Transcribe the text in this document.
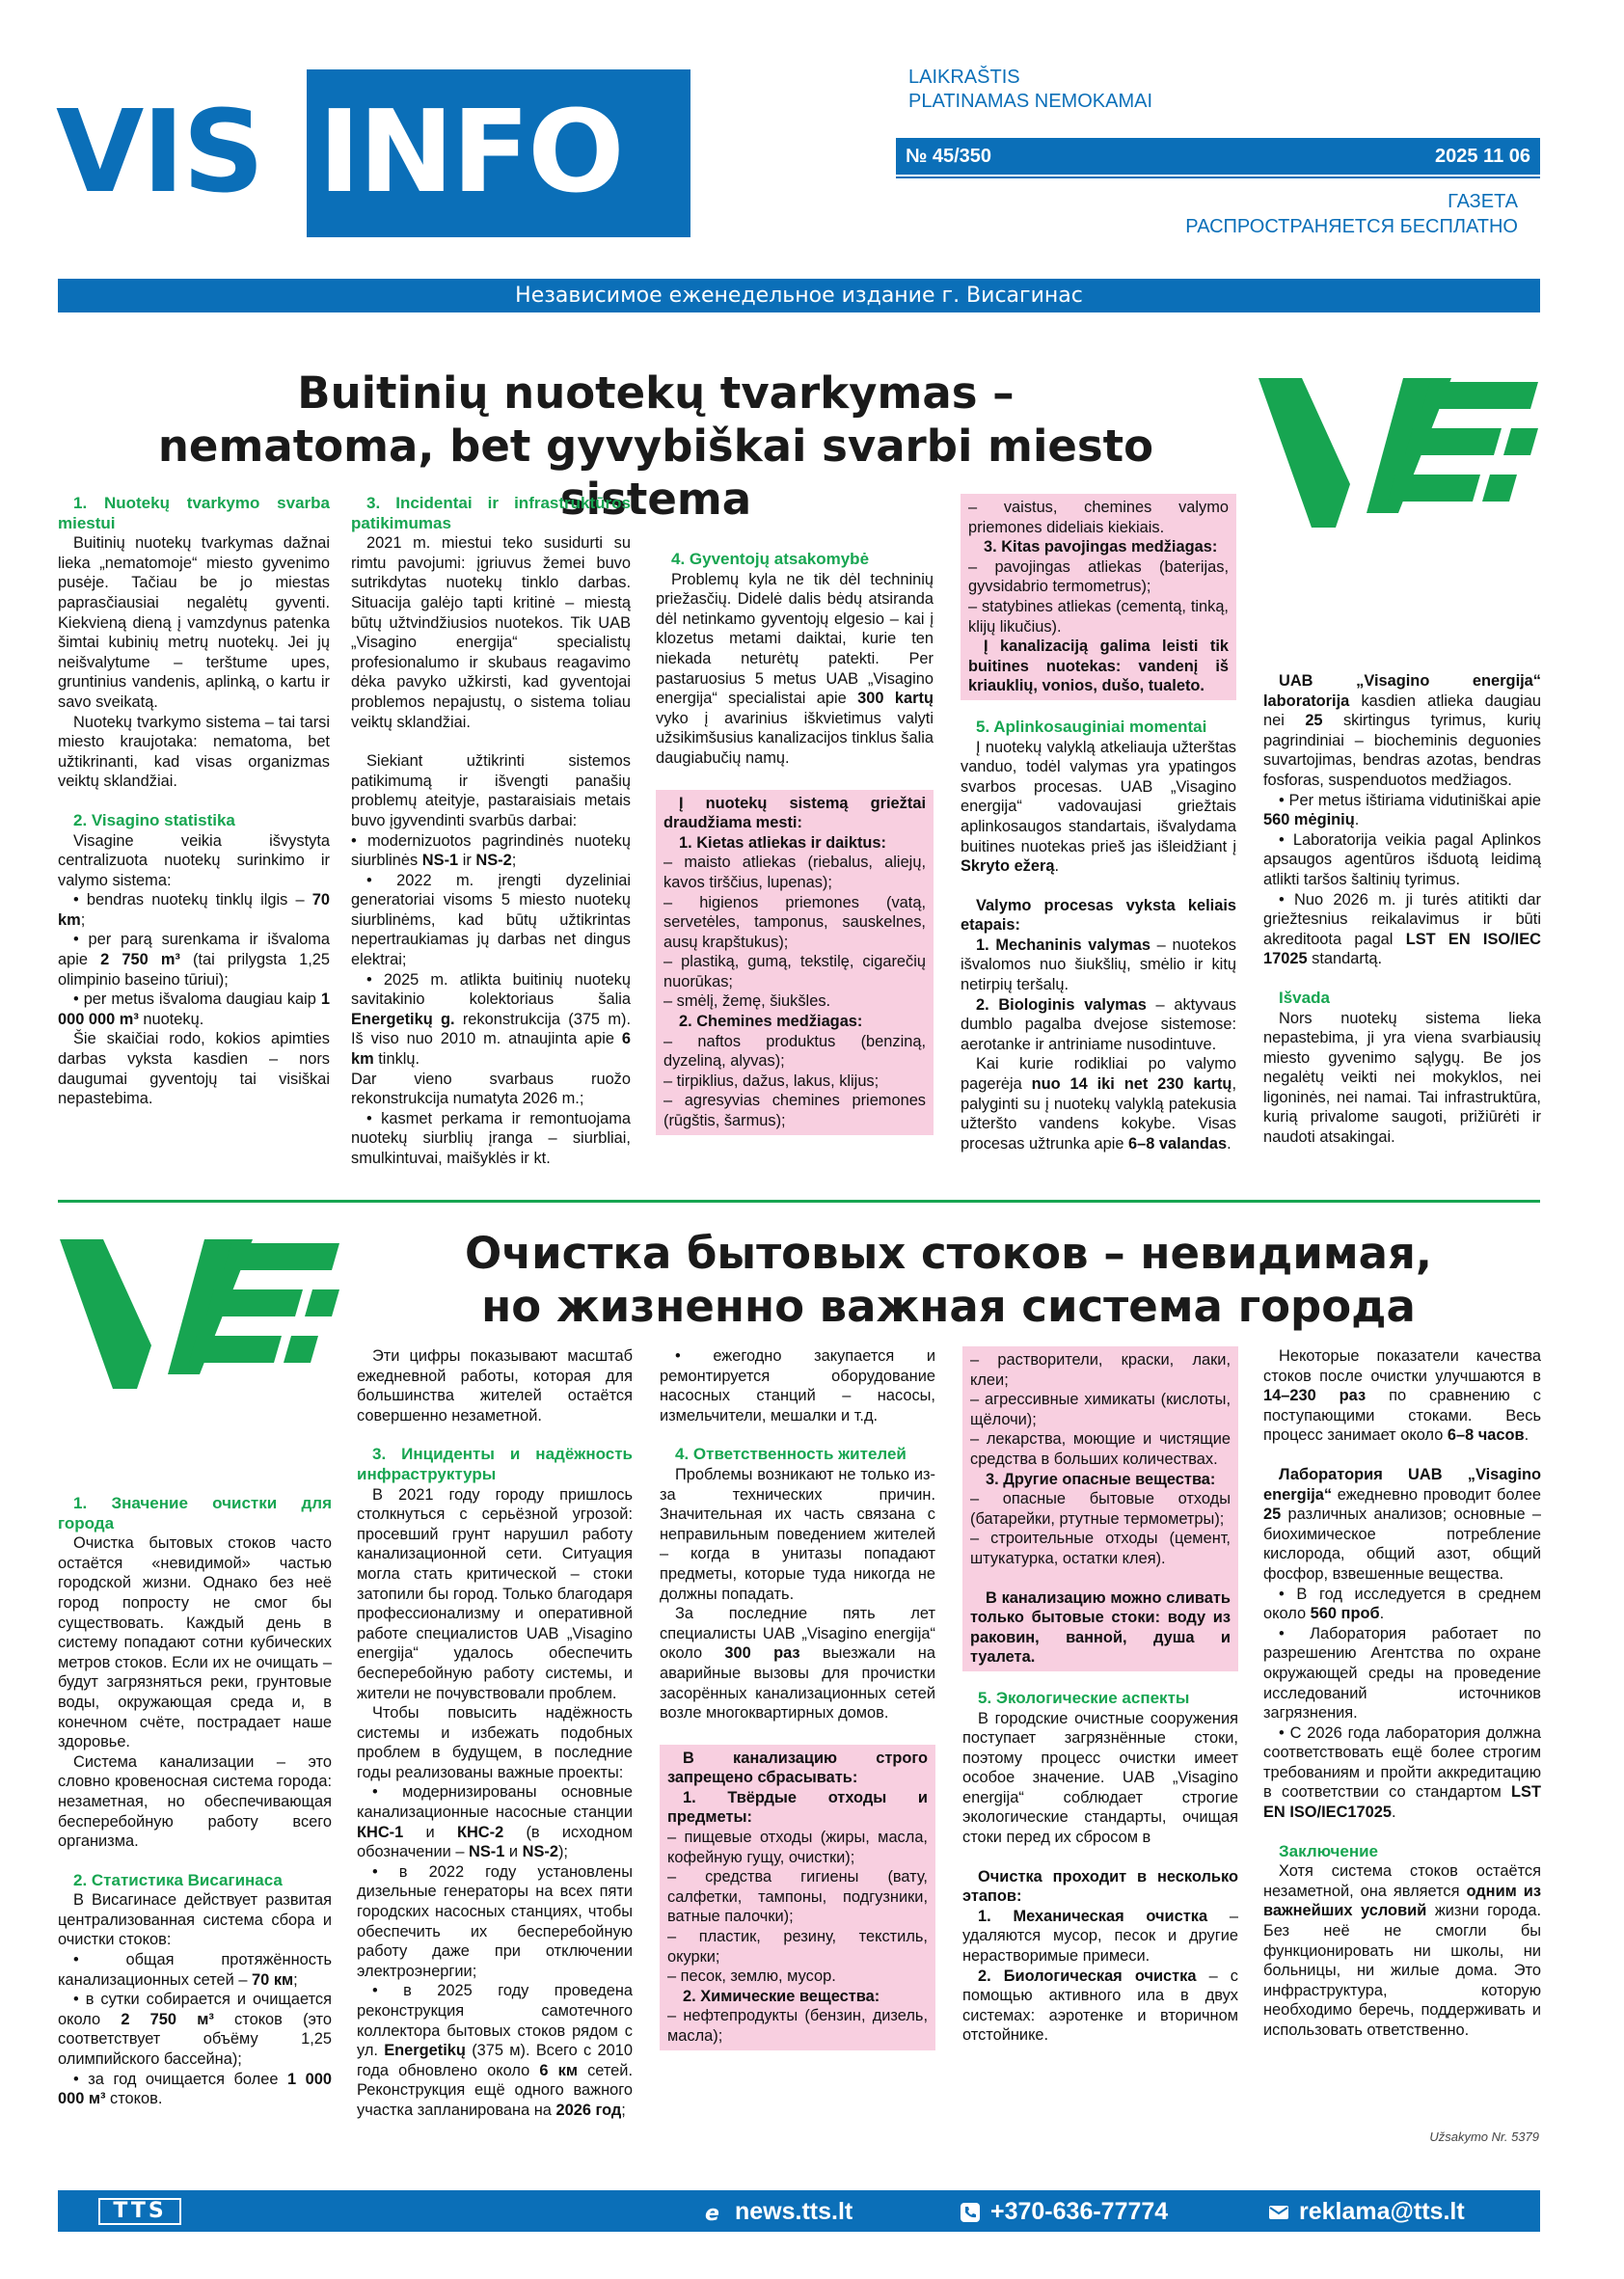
VIS INFO
LAIKRAŠTIS
PLATINAMAS NEMOKAMAI
№ 45/350	2025 11 06
ГАЗЕТА
РАСПРОСТРАНЯЕТСЯ БЕСПЛАТНО
Независимое еженедельное издание г. Висагинас
Buitinių nuotekų tvarkymas –
nematoma, bet gyvybiškai svarbi miesto sistema
1. Nuotekų tvarkymo svarba miestui

Buitinių nuotekų tvarkymas dažnai lieka „nematomoje“ miesto gyvenimo pusėje. Tačiau be jo miestas paprasčiausiai negalėtų gyventi. Kiekvieną dieną į vamzdynus patenka šimtai kubinių metrų nuotekų. Jei jų neišvalytume – terštume upes, gruntinius vandenis, aplinką, o kartu ir savo sveikatą.

Nuotekų tvarkymo sistema – tai tarsi miesto kraujotaka: nematoma, bet užtikrinanti, kad visas organizmas veiktų sklandžiai.

2. Visagino statistika

Visagine veikia išvystyta centralizuota nuotekų surinkimo ir valymo sistema:

• bendras nuotekų tinklų ilgis – 70 km;

• per parą surenkama ir išvaloma apie 2 750 m³ (tai prilygsta 1,25 olimpinio baseino tūriui);

• per metus išvaloma daugiau kaip 1 000 000 m³ nuotekų.

Šie skaičiai rodo, kokios apimties darbas vyksta kasdien – nors daugumai gyventojų tai visiškai nepastebima.

3. Incidentai ir infrastruktūros patikimumas

2021 m. miestui teko susidurti su rimtu pavojumi: įgriuvus žemei buvo sutrikdytas nuotekų tinklo darbas. Situacija galėjo tapti kritinė – miestą būtų užtvindžiusios nuotekos. Tik UAB „Visagino energija“ specialistų profesionalumo ir skubaus reagavimo dėka pavyko užkirsti, kad gyventojai problemos nepajustų, o sistema toliau veiktų sklandžiai.

Siekiant užtikrinti sistemos patikimumą ir išvengti panašių problemų ateityje, pastaraisiais metais buvo įgyvendinti svarbūs darbai:

• modernizuotos pagrindinės nuotekų siurblinės NS-1 ir NS-2;

• 2022 m. įrengti dyzeliniai generatoriai visoms 5 miesto nuotekų siurblinėms, kad būtų užtikrintas nepertraukiamas jų darbas net dingus elektrai;

• 2025 m. atlikta buitinių nuotekų savitakinio kolektoriaus šalia Energetikų g. rekonstrukcija (375 m). Iš viso nuo 2010 m. atnaujinta apie 6 km tinklų.

Dar vieno svarbaus ruožo rekonstrukcija numatyta 2026 m.;

• kasmet perkama ir remontuojama nuotekų siurblių įranga – siurbliai, smulkintuvai, maišyklės ir kt.

4. Gyventojų atsakomybė

Problemų kyla ne tik dėl techninių priežasčių. Didelė dalis bėdų atsiranda dėl netinkamo gyventojų elgesio – kai į klozetus metami daiktai, kurie ten niekada neturėtų patekti. Per pastaruosius 5 metus UAB „Visagino energija“ specialistai apie 300 kartų vyko į avarinius iškvietimus valyti užsikimšusius kanalizacijos tinklus šalia daugiabučių namų.

Į nuotekų sistemą griežtai draudžiama mesti:

1. Kietas atliekas ir daiktus:

– maisto atliekas (riebalus, aliejų, kavos tirščius, lupenas);

– higienos priemones (vatą, servetėles, tamponus, sauskelnes, ausų krapštukus);

– plastiką, gumą, tekstilę, cigarečių nuorūkas;

– smėlį, žemę, šiukšles.

2. Chemines medžiagas:

– naftos produktus (benziną, dyzeliną, alyvas);

– tirpiklius, dažus, lakus, klijus;

– agresyvias chemines priemones (rūgštis, šarmus);

– vaistus, chemines valymo priemones dideliais kiekiais.

3. Kitas pavojingas medžiagas:

– pavojingas atliekas (baterijas, gyvsidabrio termometrus);

– statybines atliekas (cementą, tinką, klijų likučius).

Į kanalizaciją galima leisti tik buitines nuotekas: vandenį iš kriauklių, vonios, dušo, tualeto.

5. Aplinkosauginiai momentai

Į nuotekų valyklą atkeliauja užterštas vanduo, todėl valymas yra ypatingos svarbos procesas. UAB „Visagino energija“ vadovaujasi griežtais aplinkosaugos standartais, išvalydama buitines nuotekas prieš jas išleidžiant į Skryto ežerą.

Valymo procesas vyksta keliais etapais:

1. Mechaninis valymas – nuotekos išvalomos nuo šiukšlių, smėlio ir kitų netirpių teršalų.

2. Biologinis valymas – aktyvaus dumblo pagalba dvejose sistemose: aerotanke ir antriniame nusodintuve.

Kai kurie rodikliai po valymo pagerėja nuo 14 iki net 230 kartų, palyginti su į nuotekų valyklą patekusia užteršto vandens kokybe. Visas procesas užtrunka apie 6–8 valandas.

UAB „Visagino energija“ laboratorija kasdien atlieka daugiau nei 25 skirtingus tyrimus, kurių pagrindiniai – biocheminis deguonies suvartojimas, bendras azotas, bendras fosforas, suspenduotos medžiagos.

• Per metus ištiriama vidutiniškai apie 560 mėginių.

• Laboratorija veikia pagal Aplinkos apsaugos agentūros išduotą leidimą atlikti taršos šaltinių tyrimus.

• Nuo 2026 m. ji turės atitikti dar griežtesnius reikalavimus ir būti akreditoota pagal LST EN ISO/IEC 17025 standartą.

Išvada

Nors nuotekų sistema lieka nepastebima, ji yra viena svarbiausių miesto gyvenimo sąlygų. Be jos negalėtų veikti nei mokyklos, nei ligoninės, nei namai. Tai infrastruktūra, kurią privalome saugoti, prižiūrėti ir naudoti atsakingai.

Очистка бытовых стоков – невидимая,
но жизненно важная система города
1. Значение очистки для города

Очистка бытовых стоков часто остаётся «невидимой» частью городской жизни. Однако без неё город попросту не смог бы существовать. Каждый день в систему попадают сотни кубических метров стоков. Если их не очищать – будут загрязняться реки, грунтовые воды, окружающая среда и, в конечном счёте, пострадает наше здоровье.

Система канализации – это словно кровеносная система города: незаметная, но обеспечивающая бесперебойную работу всего организма.

2. Статистика Висагинаса

В Висагинасе действует развитая централизованная система сбора и очистки стоков:

• общая протяжённость канализационных сетей – 70 км;

• в сутки собирается и очищается около 2 750 м³ стоков (это соответствует объёму 1,25 олимпийского бассейна);

• за год очищается более 1 000 000 м³ стоков.

Эти цифры показывают масштаб ежедневной работы, которая для большинства жителей остаётся совершенно незаметной.

3. Инциденты и надёжность инфраструктуры

В 2021 году городу пришлось столкнуться с серьёзной угрозой: просевший грунт нарушил работу канализационной сети. Ситуация могла стать критической – стоки затопили бы город. Только благодаря профессионализму и оперативной работе специалистов UAB „Visagino energija“ удалось обеспечить бесперебойную работу системы, и жители не почувствовали проблем.

Чтобы повысить надёжность системы и избежать подобных проблем в будущем, в последние годы реализованы важные проекты:

• модернизированы основные канализационные насосные станции КНС-1 и КНС-2 (в исходном обозначении – NS-1 и NS-2);

• в 2022 году установлены дизельные генераторы на всех пяти городских насосных станциях, чтобы обеспечить их бесперебойную работу даже при отключении электроэнергии;

• в 2025 году проведена реконструкция самотечного коллектора бытовых стоков рядом с ул. Energetikų (375 м). Всего с 2010 года обновлено около 6 км сетей. Реконструкция ещё одного важного участка запланирована на 2026 год;

• ежегодно закупается и ремонтируется оборудование насосных станций – насосы, измельчители, мешалки и т.д.

4. Ответственность жителей

Проблемы возникают не только из-за технических причин. Значительная их часть связана с неправильным поведением жителей – когда в унитазы попадают предметы, которые туда никогда не должны попадать.

За последние пять лет специалисты UAB „Visagino energija“ около 300 раз выезжали на аварийные вызовы для прочистки засорённых канализационных сетей возле многоквартирных домов.

В канализацию строго запрещено сбрасывать:

1. Твёрдые отходы и предметы:

– пищевые отходы (жиры, масла, кофейную гущу, очистки);

– средства гигиены (вату, салфетки, тампоны, подгузники, ватные палочки);

– пластик, резину, текстиль, окурки;

– песок, землю, мусор.

2. Химические вещества:

– нефтепродукты (бензин, дизель, масла);

– растворители, краски, лаки, клеи;

– агрессивные химикаты (кислоты, щёлочи);

– лекарства, моющие и чистящие средства в больших количествах.

3. Другие опасные вещества:

– опасные бытовые отходы (батарейки, ртутные термометры);

– строительные отходы (цемент, штукатурка, остатки клея).

В канализацию можно сливать только бытовые стоки: воду из раковин, ванной, душа и туалета.

5. Экологические аспекты

В городские очистные сооружения поступает загрязнённые стоки, поэтому процесс очистки имеет особое значение. UAB „Visagino energija“ соблюдает строгие экологические стандарты, очищая стоки перед их сбросом в

Очистка проходит в несколько этапов:

1. Механическая очистка – удаляются мусор, песок и другие нерастворимые примеси.

2. Биологическая очистка – с помощью активного ила в двух системах: аэротенке и вторичном отстойнике.

Некоторые показатели качества стоков после очистки улучшаются в 14–230 раз по сравнению с поступающими стоками. Весь процесс занимает около 6–8 часов.

Лаборатория UAB „Visagino energija“ ежедневно проводит более 25 различных анализов; основные – биохимическое потребление кислорода, общий азот, общий фосфор, взвешенные вещества.

• В год исследуется в среднем около 560 проб.

• Лаборатория работает по разрешению Агентства по охране окружающей среды на проведение исследований источников загрязнения.

• С 2026 года лаборатория должна соответствовать ещё более строгим требованиям и пройти аккредитацию в соответствии со стандартом LST EN ISO/IEC17025.

Заключение

Хотя система стоков остаётся незаметной, она является одним из важнейших условий жизни города. Без неё не смогли бы функционировать ни школы, ни больницы, ни жилые дома. Это инфраструктура, которую необходимо беречь, поддерживать и использовать ответственно.

Užsakymo Nr. 5379
TTS	e news.tts.lt	+370-636-77774	reklama@tts.lt
